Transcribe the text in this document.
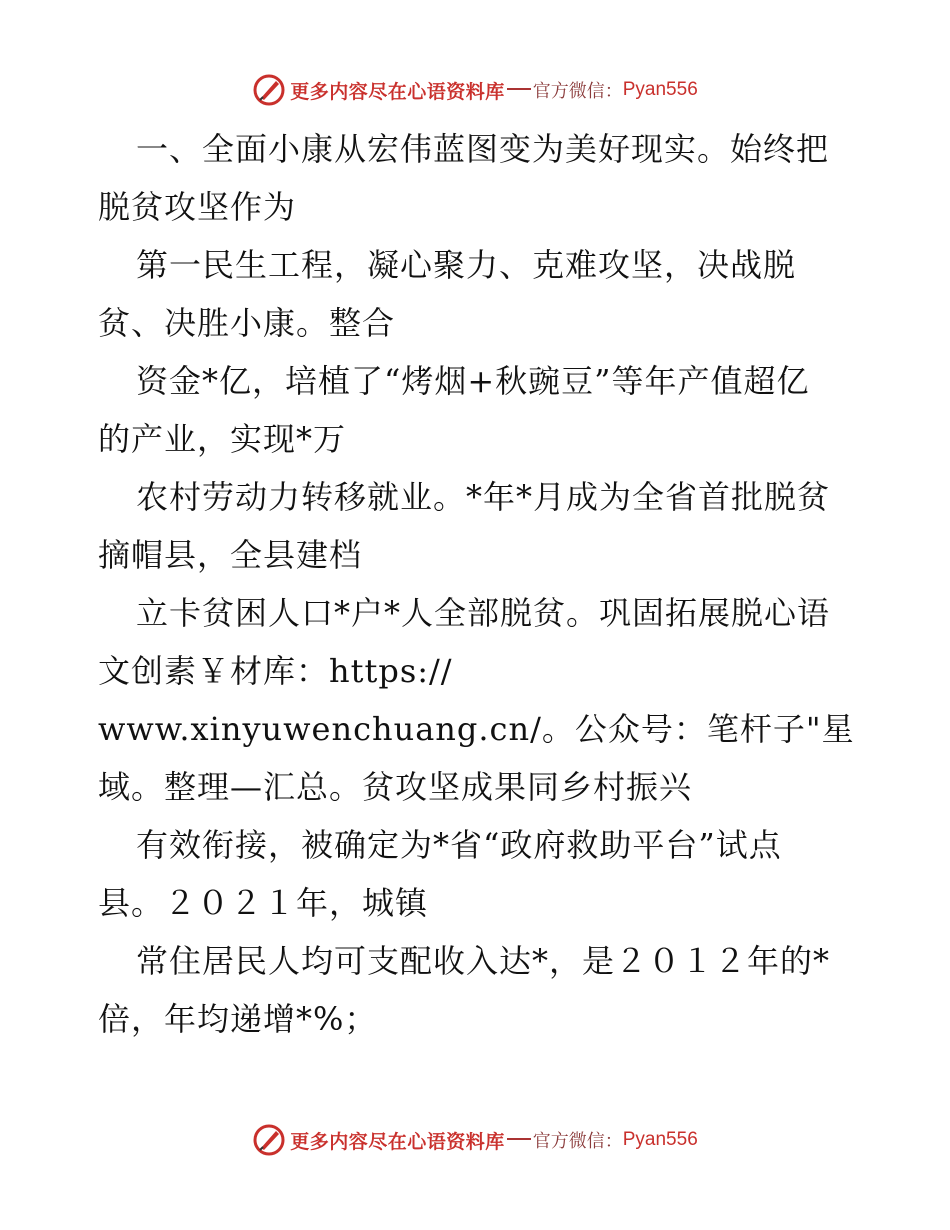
更多内容尽在心语资料库 官方微信： Pyan556
一、全面小康从宏伟蓝图变为美好现实。始终把
脱贫攻坚作为
第一民生工程，凝心聚力、克难攻坚，决战脱
贫、决胜小康。整合
资金*亿，培植了“烤烟+秋豌豆”等年产值超亿
的产业，实现*万
农村劳动力转移就业。*年*月成为全省首批脱贫
摘帽县，全县建档
立卡贫困人口*户*人全部脱贫。巩固拓展脱心语
文创素￥材库：https://
www.xinyuwenchuang.cn/。公众号：笔杆子"星
域。整理—汇总。贫攻坚成果同乡村振兴
有效衔接，被确定为*省“政府救助平台”试点
县。２０２１年，城镇
常住居民人均可支配收入达*，是２０１２年的*
倍，年均递增*%；
更多内容尽在心语资料库 官方微信： Pyan556
